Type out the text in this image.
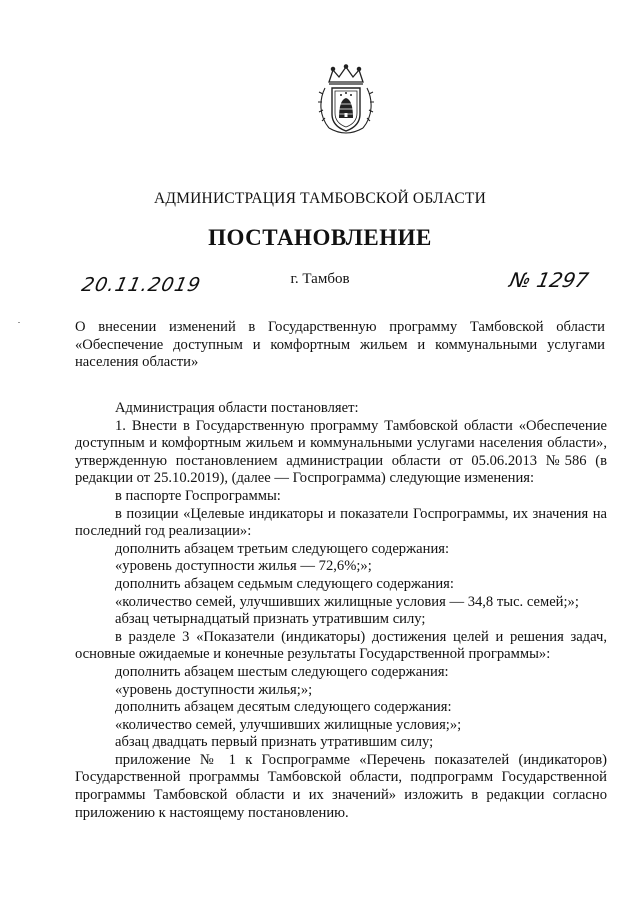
АДМИНИСТРАЦИЯ ТАМБОВСКОЙ ОБЛАСТИ
ПОСТАНОВЛЕНИЕ
20.11.2019	г. Тамбов	№ 1297
О внесении изменений в Государственную программу Тамбовской области «Обеспечение доступным и комфортным жильем и коммунальными услугами населения области»

Администрация области постановляет:

1. Внести в Государственную программу Тамбовской области «Обеспечение доступным и комфортным жильем и коммунальными услугами населения области», утвержденную постановлением администрации области от 05.06.2013 №586 (в редакции от 25.10.2019), (далее — Госпрограмма) следующие изменения:

в паспорте Госпрограммы:

в позиции «Целевые индикаторы и показатели Госпрограммы, их значения на последний год реализации»:

дополнить абзацем третьим следующего содержания:

«уровень доступности жилья — 72,6%;»;

дополнить абзацем седьмым следующего содержания:

«количество семей, улучшивших жилищные условия — 34,8 тыс. семей;»;

абзац четырнадцатый признать утратившим силу;

в разделе 3 «Показатели (индикаторы) достижения целей и решения задач, основные ожидаемые и конечные результаты Государственной программы»:

дополнить абзацем шестым следующего содержания:

«уровень доступности жилья;»;

дополнить абзацем десятым следующего содержания:

«количество семей, улучшивших жилищные условия;»;

абзац двадцать первый признать утратившим силу;

приложение № 1 к Госпрограмме «Перечень показателей (индикаторов) Государственной программы Тамбовской области, подпрограмм Государственной программы Тамбовской области и их значений» изложить в редакции согласно приложению к настоящему постановлению.
